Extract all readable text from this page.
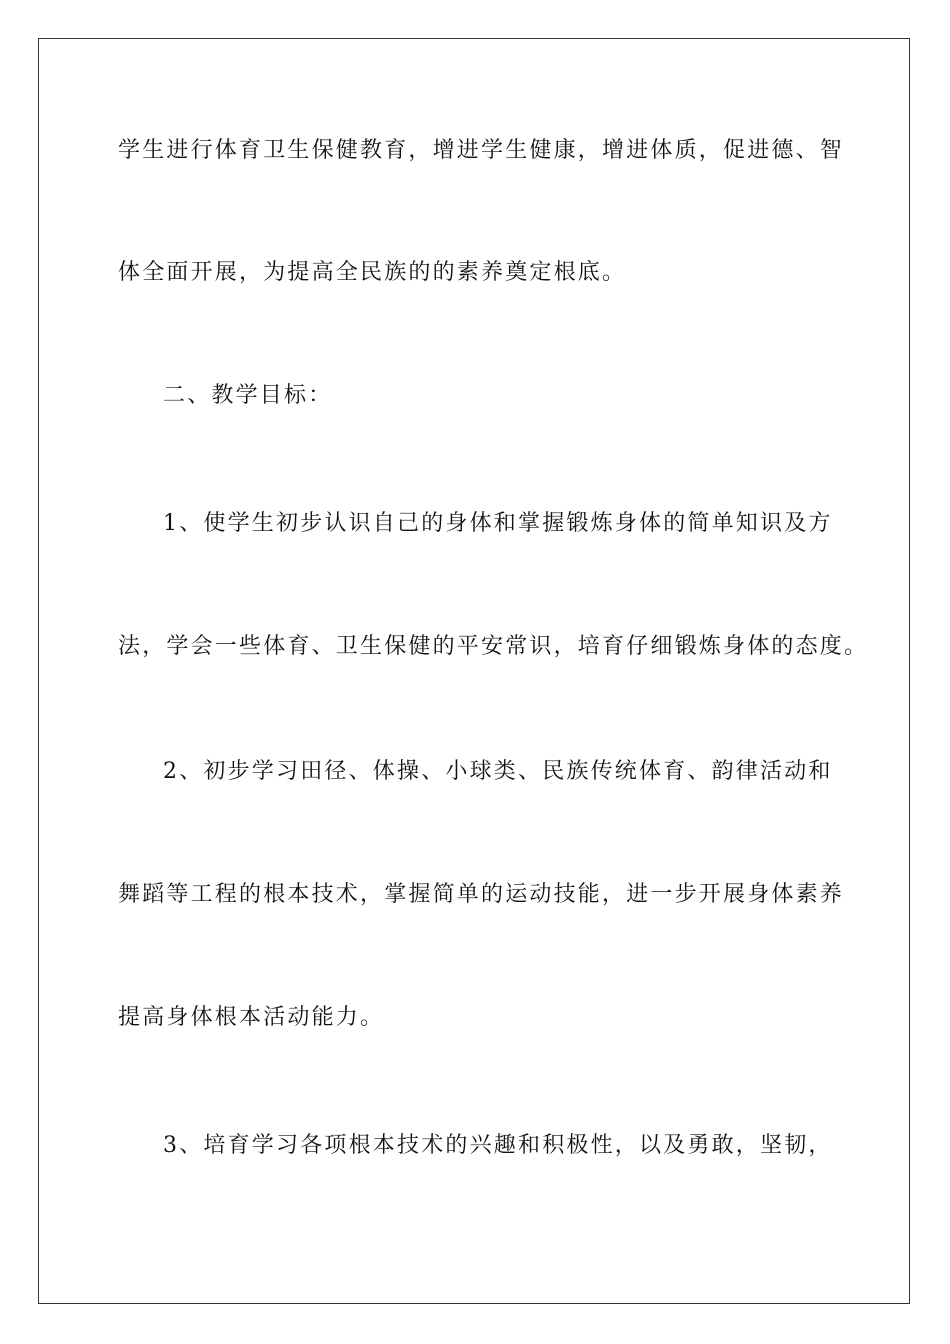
学生进行体育卫生保健教育，增进学生健康，增进体质，促进德、智
体全面开展，为提高全民族的的素养奠定根底。
二、教学目标：
1、使学生初步认识自己的身体和掌握锻炼身体的简单知识及方
法，学会一些体育、卫生保健的平安常识，培育仔细锻炼身体的态度。
2、初步学习田径、体操、小球类、民族传统体育、韵律活动和
舞蹈等工程的根本技术，掌握简单的运动技能，进一步开展身体素养
提高身体根本活动能力。
3、培育学习各项根本技术的兴趣和积极性，以及勇敢，坚韧，
